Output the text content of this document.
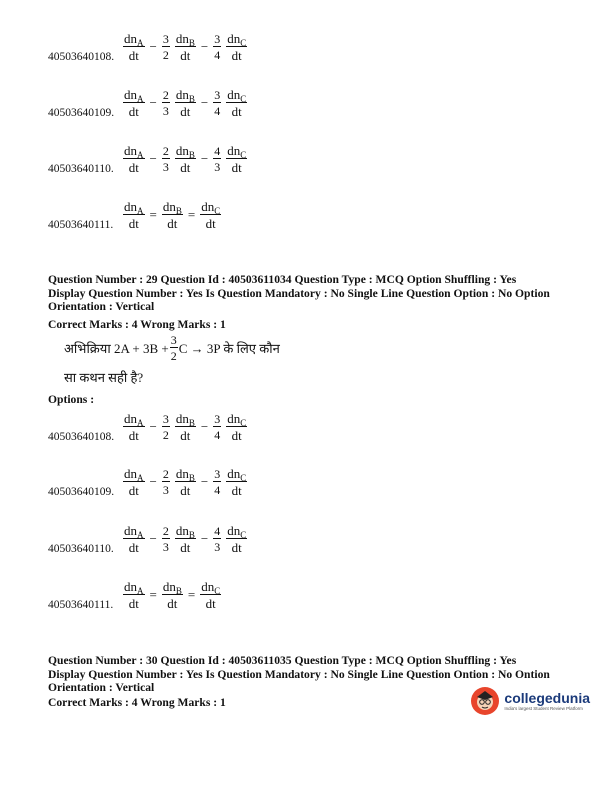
40503640108. $\frac{dn_A}{dt} - \frac{3}{2} \frac{dn_B}{dt} - \frac{3}{4} \frac{dn_C}{dt}$
40503640109. $\frac{dn_A}{dt} - \frac{2}{3} \frac{dn_B}{dt} - \frac{3}{4} \frac{dn_C}{dt}$
40503640110. $\frac{dn_A}{dt} - \frac{2}{3} \frac{dn_B}{dt} - \frac{4}{3} \frac{dn_C}{dt}$
40503640111. $\frac{dn_A}{dt} = \frac{dn_B}{dt} = \frac{dn_C}{dt}$
Question Number : 29 Question Id : 40503611034 Question Type : MCQ Option Shuffling : Yes
Display Question Number : Yes Is Question Mandatory : No Single Line Question Option : No Option
Orientation : Vertical
Correct Marks : 4 Wrong Marks : 1
अभिक्रिया $2A + 3B + \frac{3}{2}$ C → 3P के लिए कौन
सा कथन सही है?
Options :
40503640108. $\frac{dn_A}{dt} - \frac{3}{2} \frac{dn_B}{dt} - \frac{3}{4} \frac{dn_C}{dt}$
40503640109. $\frac{dn_A}{dt} - \frac{2}{3} \frac{dn_B}{dt} - \frac{3}{4} \frac{dn_C}{dt}$
40503640110. $\frac{dn_A}{dt} - \frac{2}{3} \frac{dn_B}{dt} - \frac{4}{3} \frac{dn_C}{dt}$
40503640111. $\frac{dn_A}{dt} = \frac{dn_B}{dt} = \frac{dn_C}{dt}$
Question Number : 30 Question Id : 40503611035 Question Type : MCQ Option Shuffling : Yes
Display Question Number : Yes Is Question Mandatory : No Single Line Question Ontion : No Ontion
Orientation : Vertical
Correct Marks : 4 Wrong Marks : 1	collegedunia
India's largest Student Review Platform
